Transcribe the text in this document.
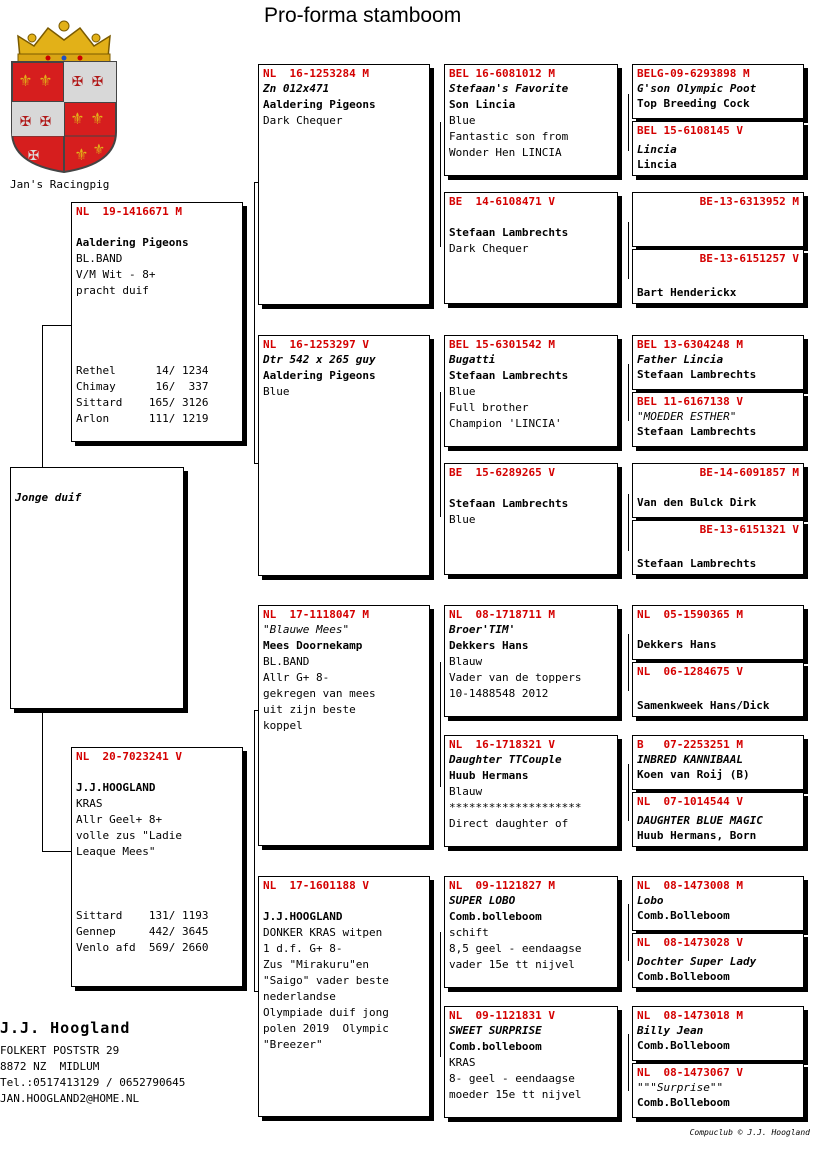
Pro-forma stamboom
⚜ ⚜
⚜ ⚜
⚜ ⚜
✠ ✠
✠ ✠
✠
Jan's Racingpig
Jonge duif
NL  19-1416671 M
Aaldering Pigeons
BL.BAND
V/M Wit - 8+
pracht duif
Rethel      14/ 1234
Chimay      16/  337
Sittard    165/ 3126
Arlon      111/ 1219
NL  20-7023241 V
J.J.HOOGLAND
KRAS
Allr Geel+ 8+
volle zus "Ladie
Leaque Mees"
Sittard    131/ 1193
Gennep     442/ 3645
Venlo afd  569/ 2660
NL  16-1253284 M
Zn 012x471
Aaldering Pigeons
Dark Chequer
NL  16-1253297 V
Dtr 542 x 265 guy
Aaldering Pigeons
Blue
NL  17-1118047 M
"Blauwe Mees"
Mees Doornekamp
BL.BAND
Allr G+ 8-
gekregen van mees
uit zijn beste
koppel
NL  17-1601188 V
J.J.HOOGLAND
DONKER KRAS witpen
1 d.f. G+ 8-
Zus "Mirakuru"en
"Saigo" vader beste
nederlandse
Olympiade duif jong
polen 2019  Olympic
"Breezer"
BEL 16-6081012 M
Stefaan's Favorite
Son Lincia
Blue
Fantastic son from
Wonder Hen LINCIA
BE  14-6108471 V
Stefaan Lambrechts
Dark Chequer
BEL 15-6301542 M
Bugatti
Stefaan Lambrechts
Blue
Full brother
Champion 'LINCIA'
BE  15-6289265 V
Stefaan Lambrechts
Blue
NL  08-1718711 M
Broer'TIM'
Dekkers Hans
Blauw
Vader van de toppers
10-1488548 2012
NL  16-1718321 V
Daughter TTCouple
Huub Hermans
Blauw
********************
Direct daughter of
NL  09-1121827 M
SUPER LOBO
Comb.bolleboom
schift
8,5 geel - eendaagse
vader 15e tt nijvel
NL  09-1121831 V
SWEET SURPRISE
Comb.bolleboom
KRAS
8- geel - eendaagse
moeder 15e tt nijvel
BELG-09-6293898 M
G'son Olympic Poot
Top Breeding Cock
BEL 15-6108145 V
Lincia
Lincia
BE-13-6313952 M
BE-13-6151257 V
Bart Henderickx
BEL 13-6304248 M
Father Lincia
Stefaan Lambrechts
BEL 11-6167138 V
"MOEDER ESTHER"
Stefaan Lambrechts
BE-14-6091857 M
Van den Bulck Dirk
BE-13-6151321 V
Stefaan Lambrechts
NL  05-1590365 M
Dekkers Hans
NL  06-1284675 V
Samenkweek Hans/Dick
B   07-2253251 M
INBRED KANNIBAAL
Koen van Roij (B)
NL  07-1014544 V
DAUGHTER BLUE MAGIC
Huub Hermans, Born
NL  08-1473008 M
Lobo
Comb.Bolleboom
NL  08-1473028 V
Dochter Super Lady
Comb.Bolleboom
NL  08-1473018 M
Billy Jean
Comb.Bolleboom
NL  08-1473067 V
"""Surprise""
Comb.Bolleboom
J.J. Hoogland
FOLKERT POSTSTR 29
8872 NZ  MIDLUM
Tel.:0517413129 / 0652790645
JAN.HOOGLAND2@HOME.NL
Compuclub © J.J. Hoogland
